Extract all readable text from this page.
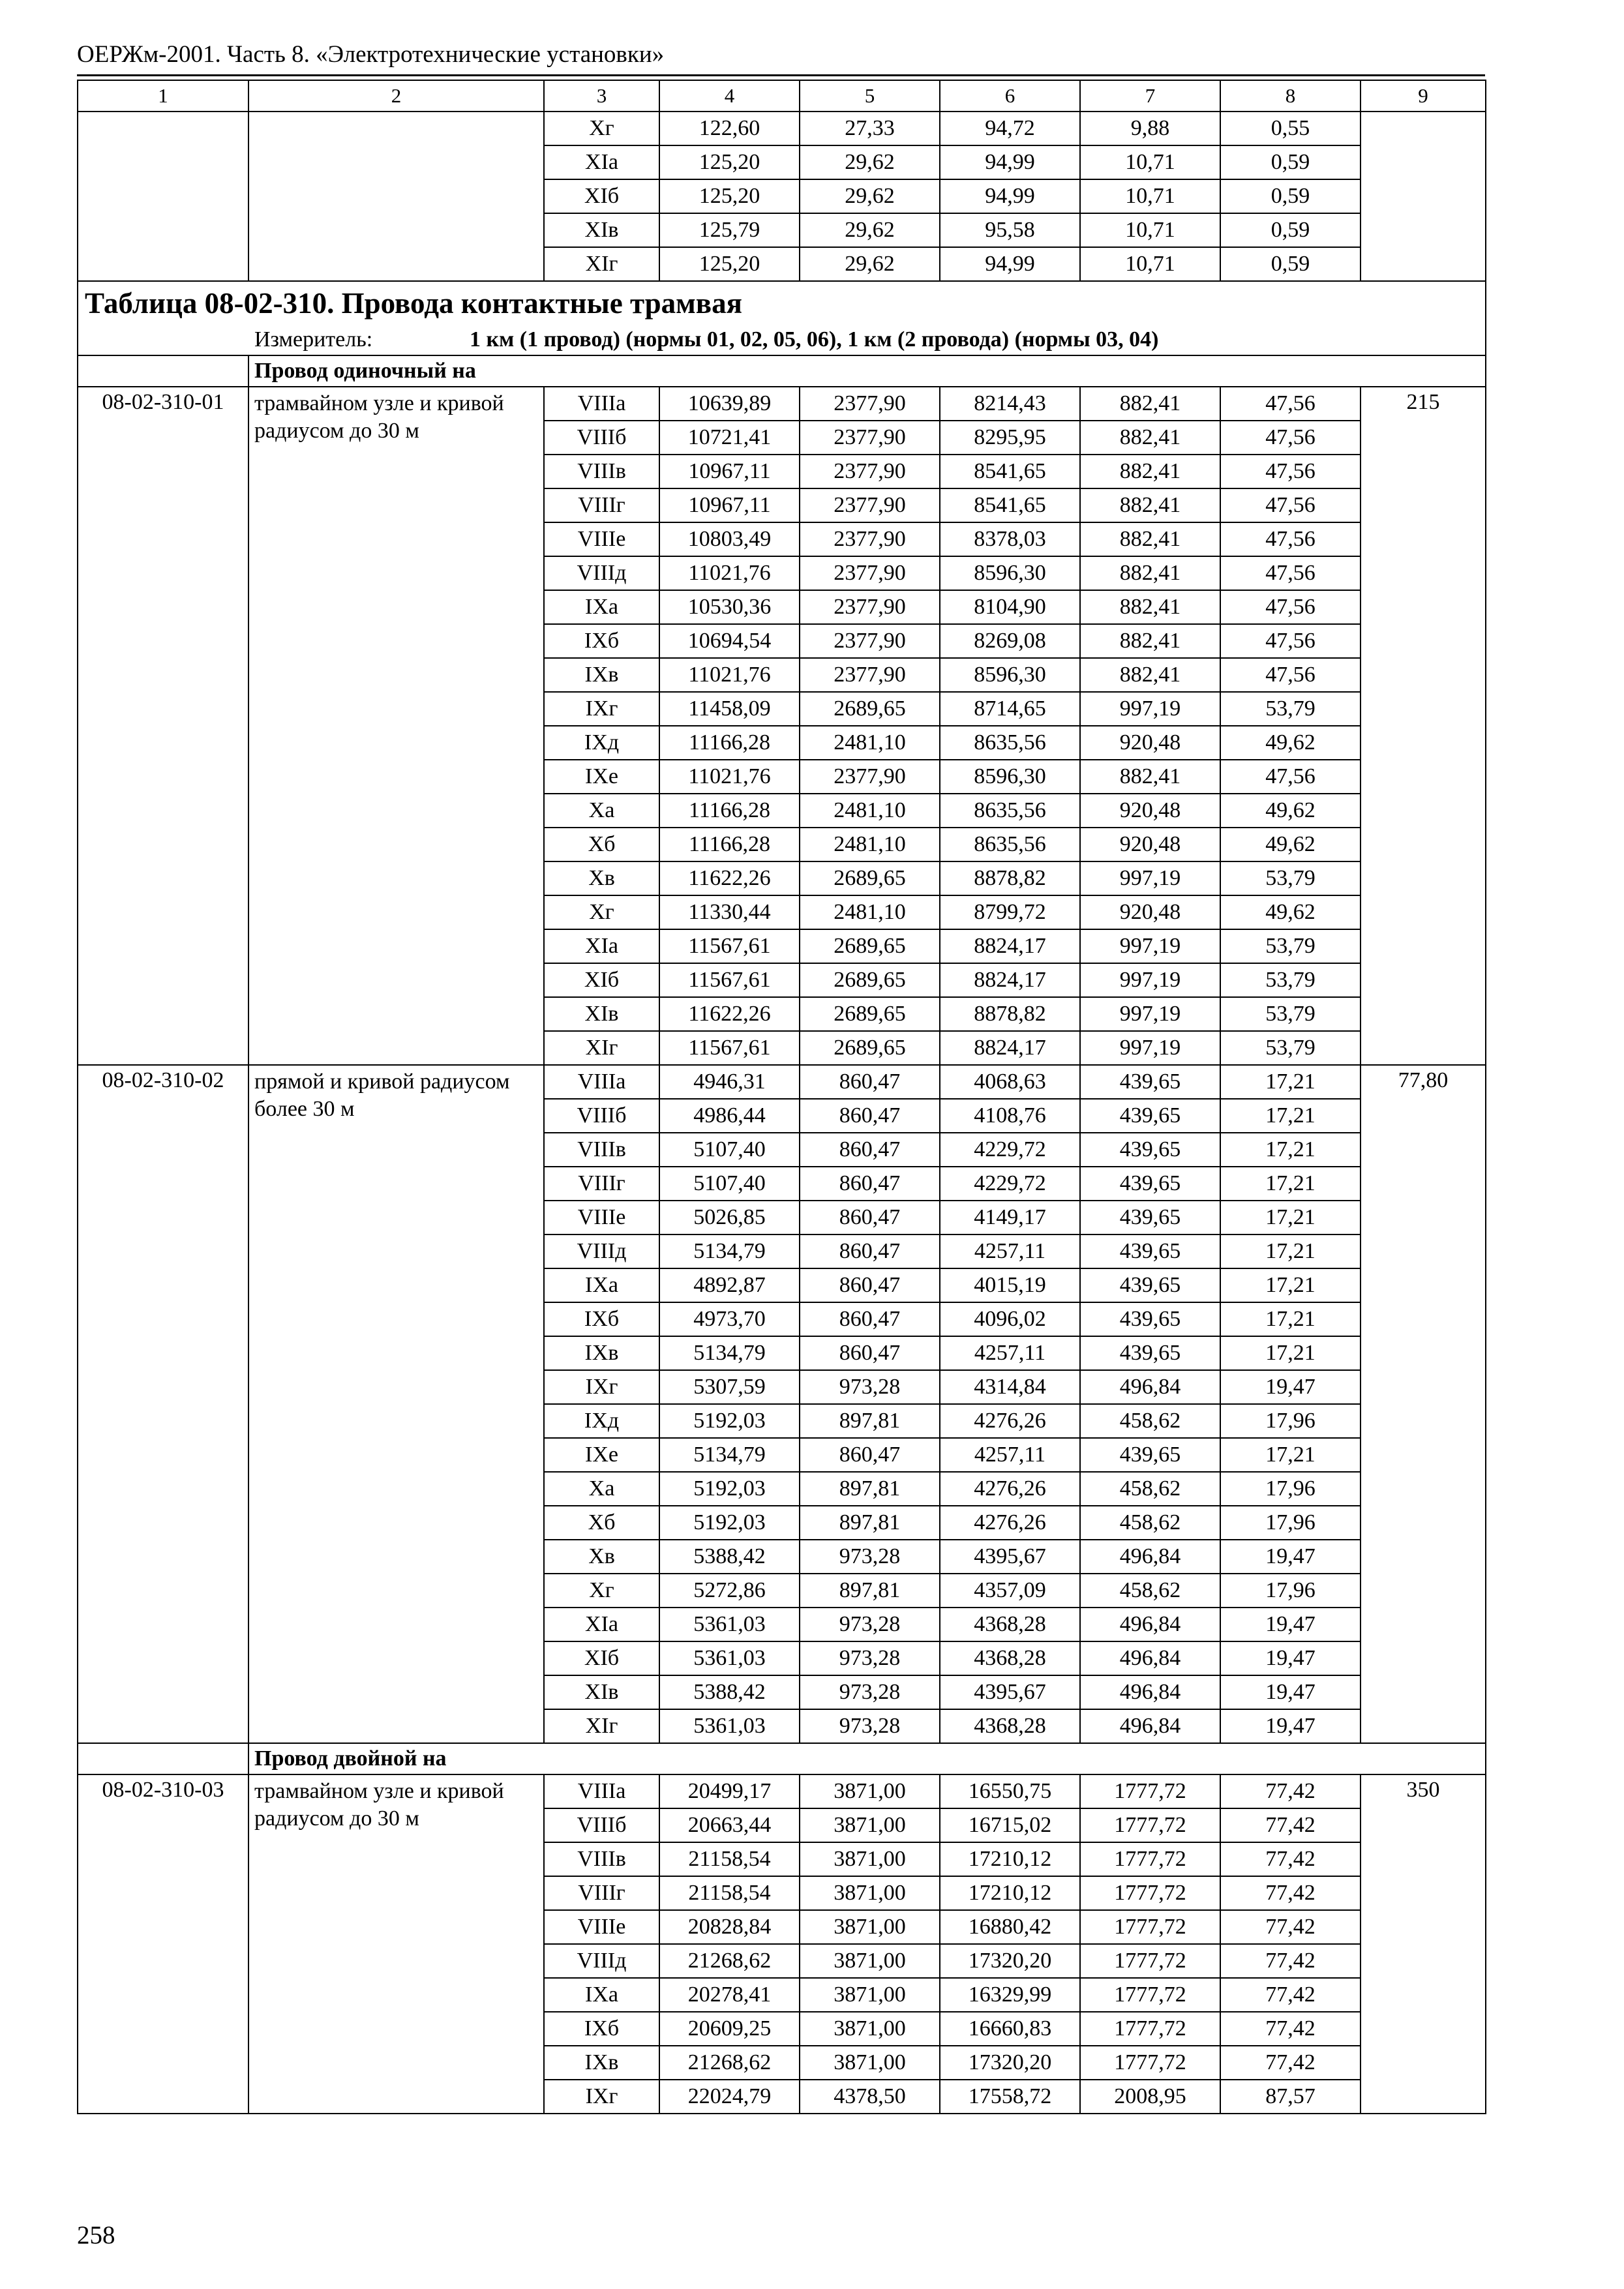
ОЕРЖм-2001. Часть 8. «Электротехнические установки»
1	2	3	4	5	6	7	8	9
		Xг	122,60	27,33	94,72	9,88	0,55	
		XIа	125,20	29,62	94,99	10,71	0,59	
		XIб	125,20	29,62	94,99	10,71	0,59	
		XIв	125,79	29,62	95,58	10,71	0,59	
		XIг	125,20	29,62	94,99	10,71	0,59	
Таблица 08-02-310. Провода контактные трамвая								
Измеритель: 1 км (1 провод) (нормы 01, 02, 05, 06), 1 км (2 провода) (нормы 03, 04)								
	Провод одиночный на							
08-02-310-01	трамвайном узле и кривой радиусом до 30 м	VIIIа	10639,89	2377,90	8214,43	882,41	47,56	215
		VIIIб	10721,41	2377,90	8295,95	882,41	47,56	
		VIIIв	10967,11	2377,90	8541,65	882,41	47,56	
		VIIIг	10967,11	2377,90	8541,65	882,41	47,56	
		VIIIе	10803,49	2377,90	8378,03	882,41	47,56	
		VIIIд	11021,76	2377,90	8596,30	882,41	47,56	
		IXа	10530,36	2377,90	8104,90	882,41	47,56	
		IXб	10694,54	2377,90	8269,08	882,41	47,56	
		IXв	11021,76	2377,90	8596,30	882,41	47,56	
		IXг	11458,09	2689,65	8714,65	997,19	53,79	
		IXд	11166,28	2481,10	8635,56	920,48	49,62	
		IXе	11021,76	2377,90	8596,30	882,41	47,56	
		Xа	11166,28	2481,10	8635,56	920,48	49,62	
		Xб	11166,28	2481,10	8635,56	920,48	49,62	
		Xв	11622,26	2689,65	8878,82	997,19	53,79	
		Xг	11330,44	2481,10	8799,72	920,48	49,62	
		XIа	11567,61	2689,65	8824,17	997,19	53,79	
		XIб	11567,61	2689,65	8824,17	997,19	53,79	
		XIв	11622,26	2689,65	8878,82	997,19	53,79	
		XIг	11567,61	2689,65	8824,17	997,19	53,79	
08-02-310-02	прямой и кривой радиусом более 30 м	VIIIа	4946,31	860,47	4068,63	439,65	17,21	77,80
		VIIIб	4986,44	860,47	4108,76	439,65	17,21	
		VIIIв	5107,40	860,47	4229,72	439,65	17,21	
		VIIIг	5107,40	860,47	4229,72	439,65	17,21	
		VIIIе	5026,85	860,47	4149,17	439,65	17,21	
		VIIIд	5134,79	860,47	4257,11	439,65	17,21	
		IXа	4892,87	860,47	4015,19	439,65	17,21	
		IXб	4973,70	860,47	4096,02	439,65	17,21	
		IXв	5134,79	860,47	4257,11	439,65	17,21	
		IXг	5307,59	973,28	4314,84	496,84	19,47	
		IXд	5192,03	897,81	4276,26	458,62	17,96	
		IXе	5134,79	860,47	4257,11	439,65	17,21	
		Xа	5192,03	897,81	4276,26	458,62	17,96	
		Xб	5192,03	897,81	4276,26	458,62	17,96	
		Xв	5388,42	973,28	4395,67	496,84	19,47	
		Xг	5272,86	897,81	4357,09	458,62	17,96	
		XIа	5361,03	973,28	4368,28	496,84	19,47	
		XIб	5361,03	973,28	4368,28	496,84	19,47	
		XIв	5388,42	973,28	4395,67	496,84	19,47	
		XIг	5361,03	973,28	4368,28	496,84	19,47	
	Провод двойной на							
08-02-310-03	трамвайном узле и кривой радиусом до 30 м	VIIIа	20499,17	3871,00	16550,75	1777,72	77,42	350
		VIIIб	20663,44	3871,00	16715,02	1777,72	77,42	
		VIIIв	21158,54	3871,00	17210,12	1777,72	77,42	
		VIIIг	21158,54	3871,00	17210,12	1777,72	77,42	
		VIIIе	20828,84	3871,00	16880,42	1777,72	77,42	
		VIIIд	21268,62	3871,00	17320,20	1777,72	77,42	
		IXа	20278,41	3871,00	16329,99	1777,72	77,42	
		IXб	20609,25	3871,00	16660,83	1777,72	77,42	
		IXв	21268,62	3871,00	17320,20	1777,72	77,42	
		IXг	22024,79	4378,50	17558,72	2008,95	87,57	
258
